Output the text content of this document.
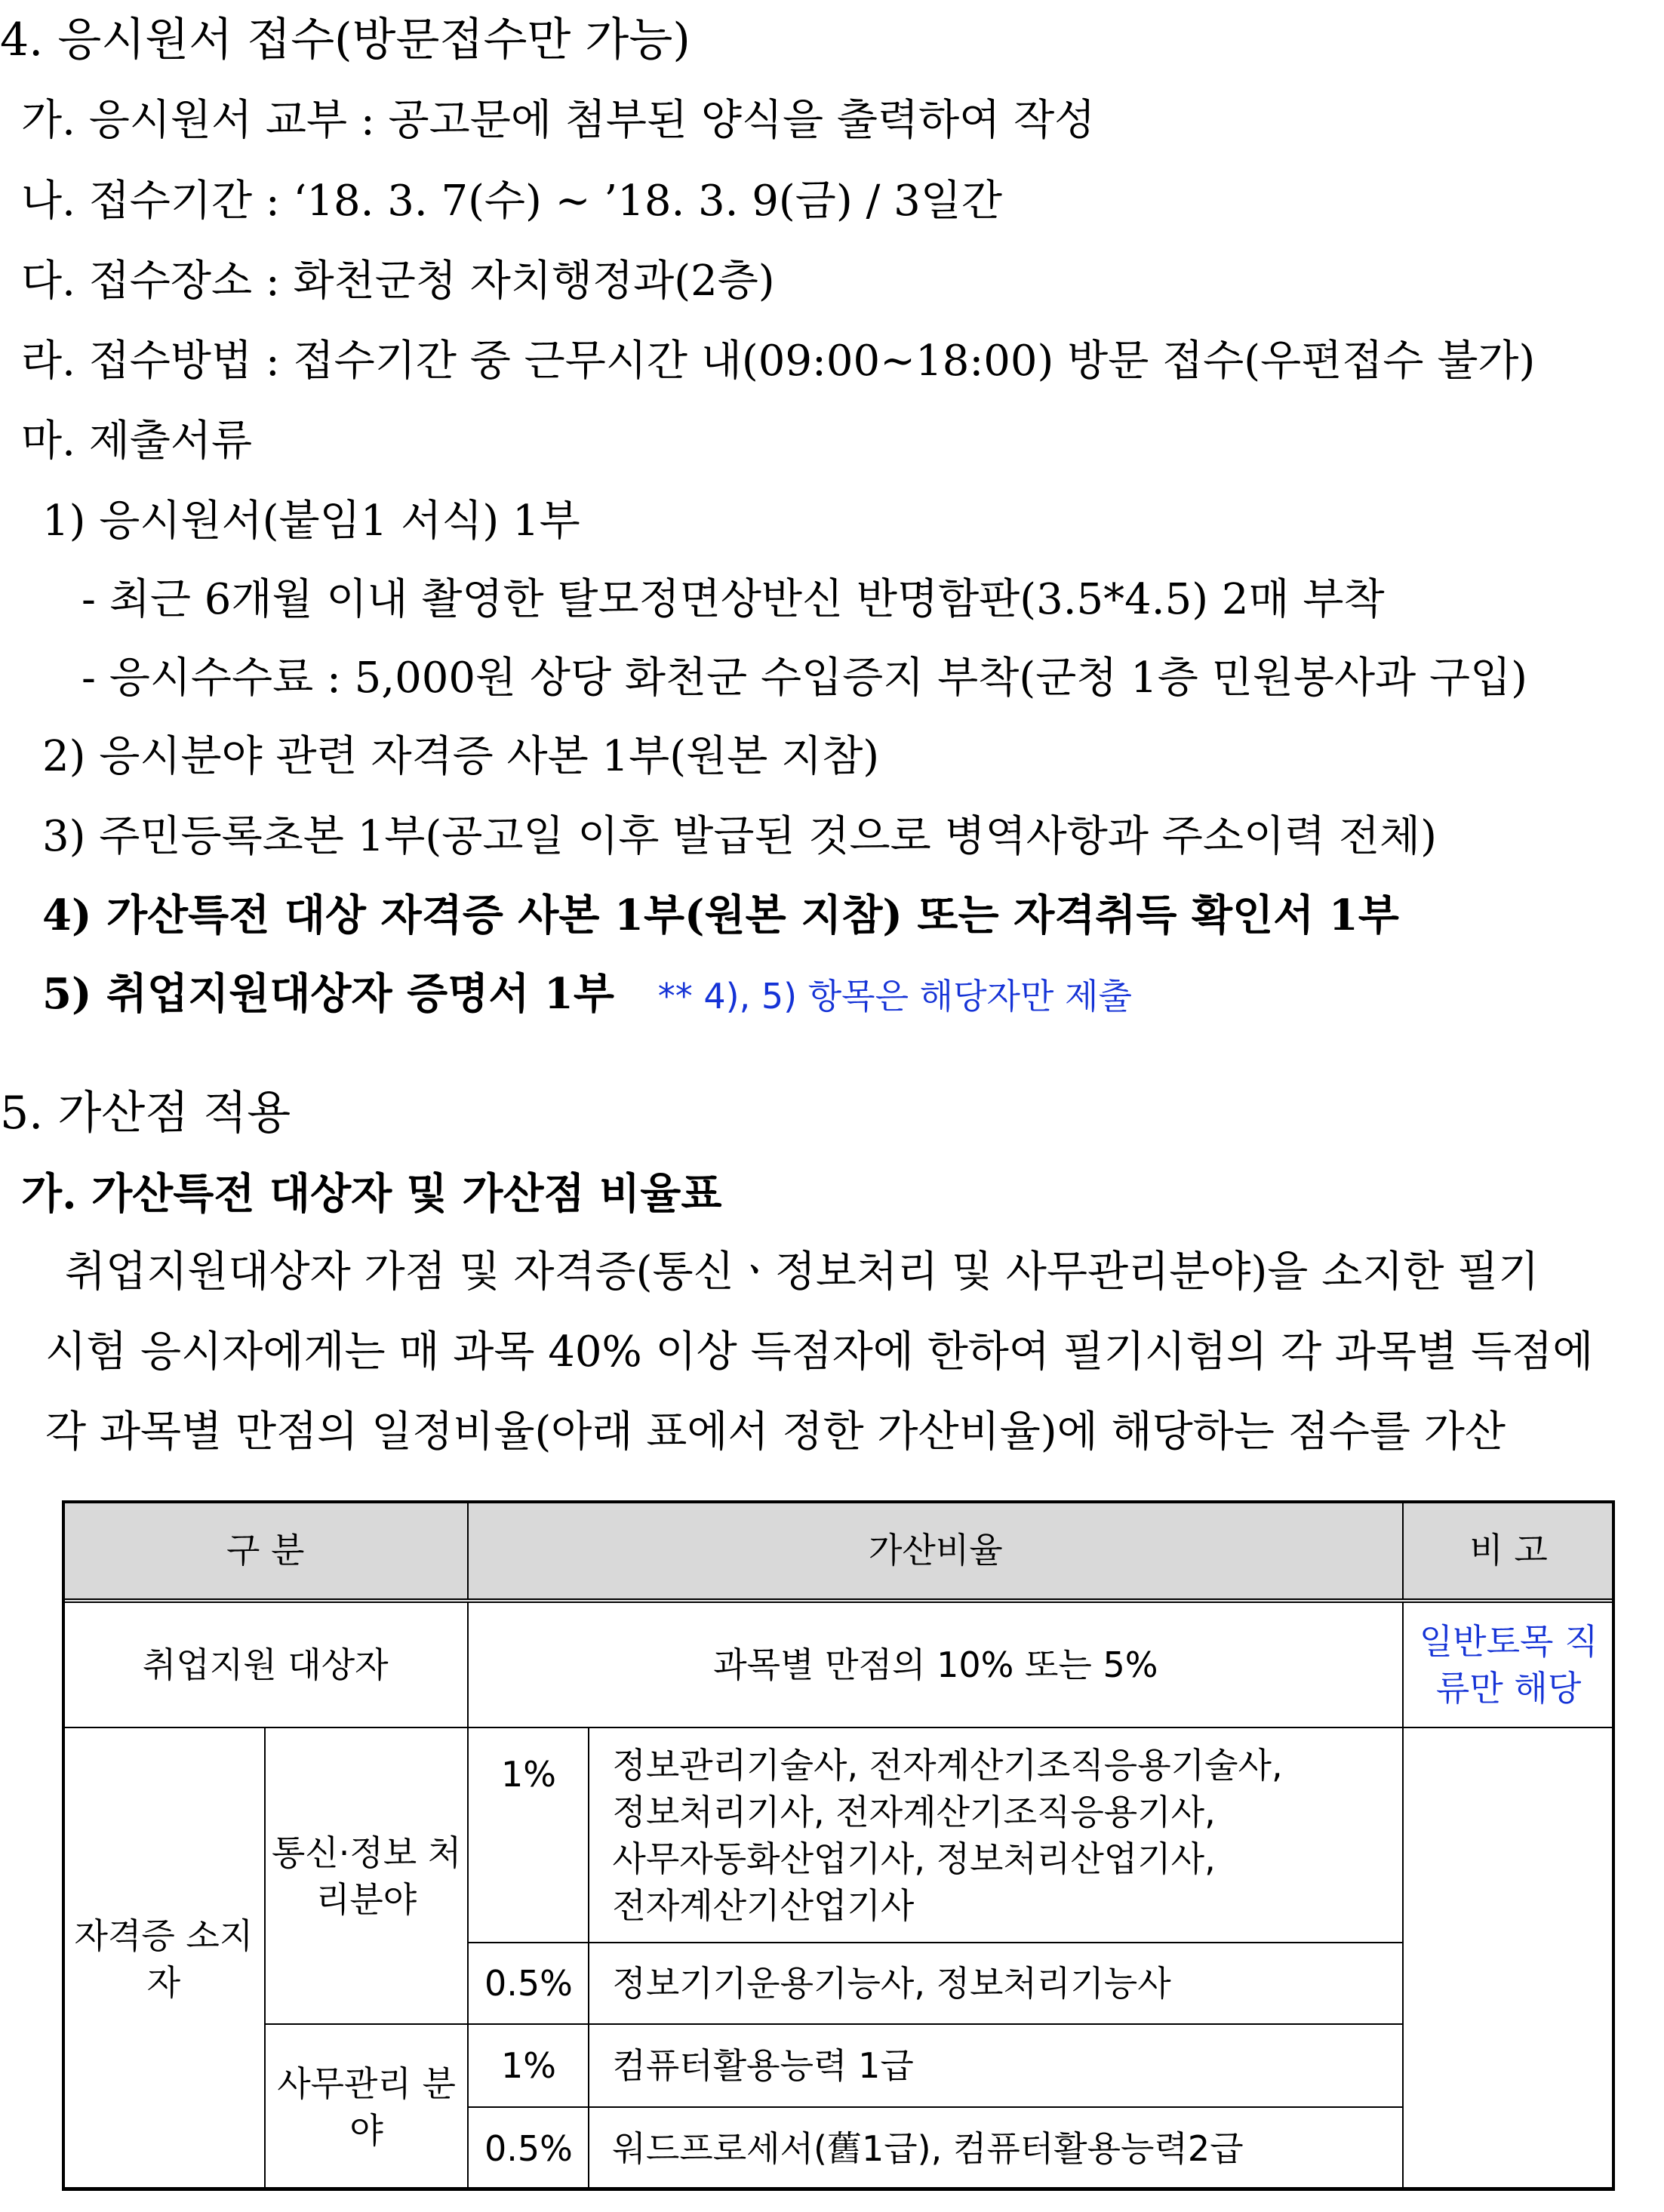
4. 응시원서 접수(방문접수만 가능)
가. 응시원서 교부 : 공고문에 첨부된 양식을 출력하여 작성
나. 접수기간 : ‘18. 3. 7(수) ~ ’18. 3. 9(금) / 3일간
다. 접수장소 : 화천군청 자치행정과(2층)
라. 접수방법 : 접수기간 중 근무시간 내(09:00~18:00) 방문 접수(우편접수 불가)
마. 제출서류
1) 응시원서(붙임1 서식) 1부
- 최근 6개월 이내 촬영한 탈모정면상반신 반명함판(3.5*4.5) 2매 부착
- 응시수수료 : 5,000원 상당 화천군 수입증지 부착(군청 1층 민원봉사과 구입)
2) 응시분야 관련 자격증 사본 1부(원본 지참)
3) 주민등록초본 1부(공고일 이후 발급된 것으로 병역사항과 주소이력 전체)
4) 가산특전 대상 자격증 사본 1부(원본 지참) 또는 자격취득 확인서 1부
5) 취업지원대상자 증명서 1부 ** 4), 5) 항목은 해당자만 제출
5. 가산점 적용
가. 가산특전 대상자 및 가산점 비율표
취업지원대상자 가점 및 자격증(통신ㆍ정보처리 및 사무관리분야)을 소지한 필기
시험 응시자에게는 매 과목 40% 이상 득점자에 한하여 필기시험의 각 과목별 득점에
각 과목별 만점의 일정비율(아래 표에서 정한 가산비율)에 해당하는 점수를 가산
구 분		가산비율		비 고
취업지원 대상자		과목별 만점의 10% 또는 5%		일반토목 직류만 해당
자격증 소지자	통신·정보 처리분야	1%	정보관리기술사, 전자계산기조직응용기술사,
정보처리기사, 전자계산기조직응용기사,
사무자동화산업기사, 정보처리산업기사,
전자계산기산업기사	

		0.5%	정보기기운용기능사, 정보처리기능사	
	사무관리 분 야	1%	컴퓨터활용능력 1급	
		0.5%	워드프로세서(舊1급), 컴퓨터활용능력2급	
